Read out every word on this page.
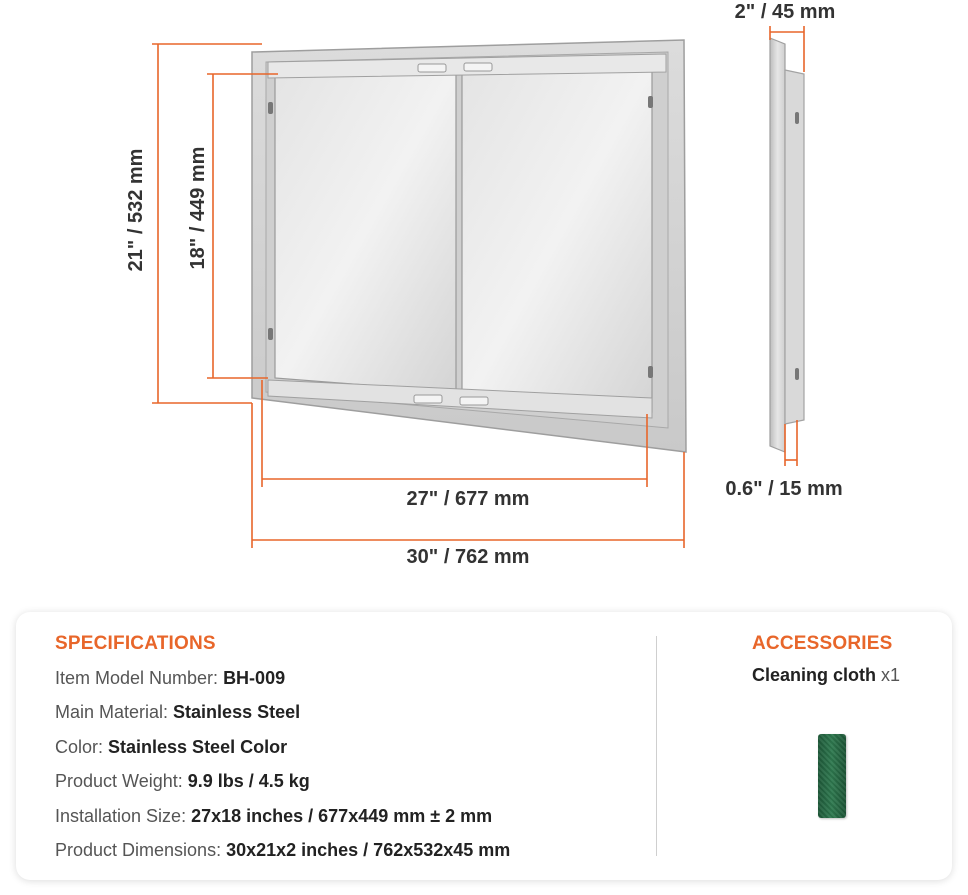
21" / 532 mm 18" / 449 mm
27" / 677 mm
30" / 762 mm
2" / 45 mm
0.6" / 15 mm
SPECIFICATIONS
Item Model Number: BH-009
Main Material: Stainless Steel
Color: Stainless Steel Color
Product Weight: 9.9 lbs / 4.5 kg
Installation Size: 27x18 inches / 677x449 mm ± 2 mm
Product Dimensions: 30x21x2 inches / 762x532x45 mm
ACCESSORIES
Cleaning cloth x1
